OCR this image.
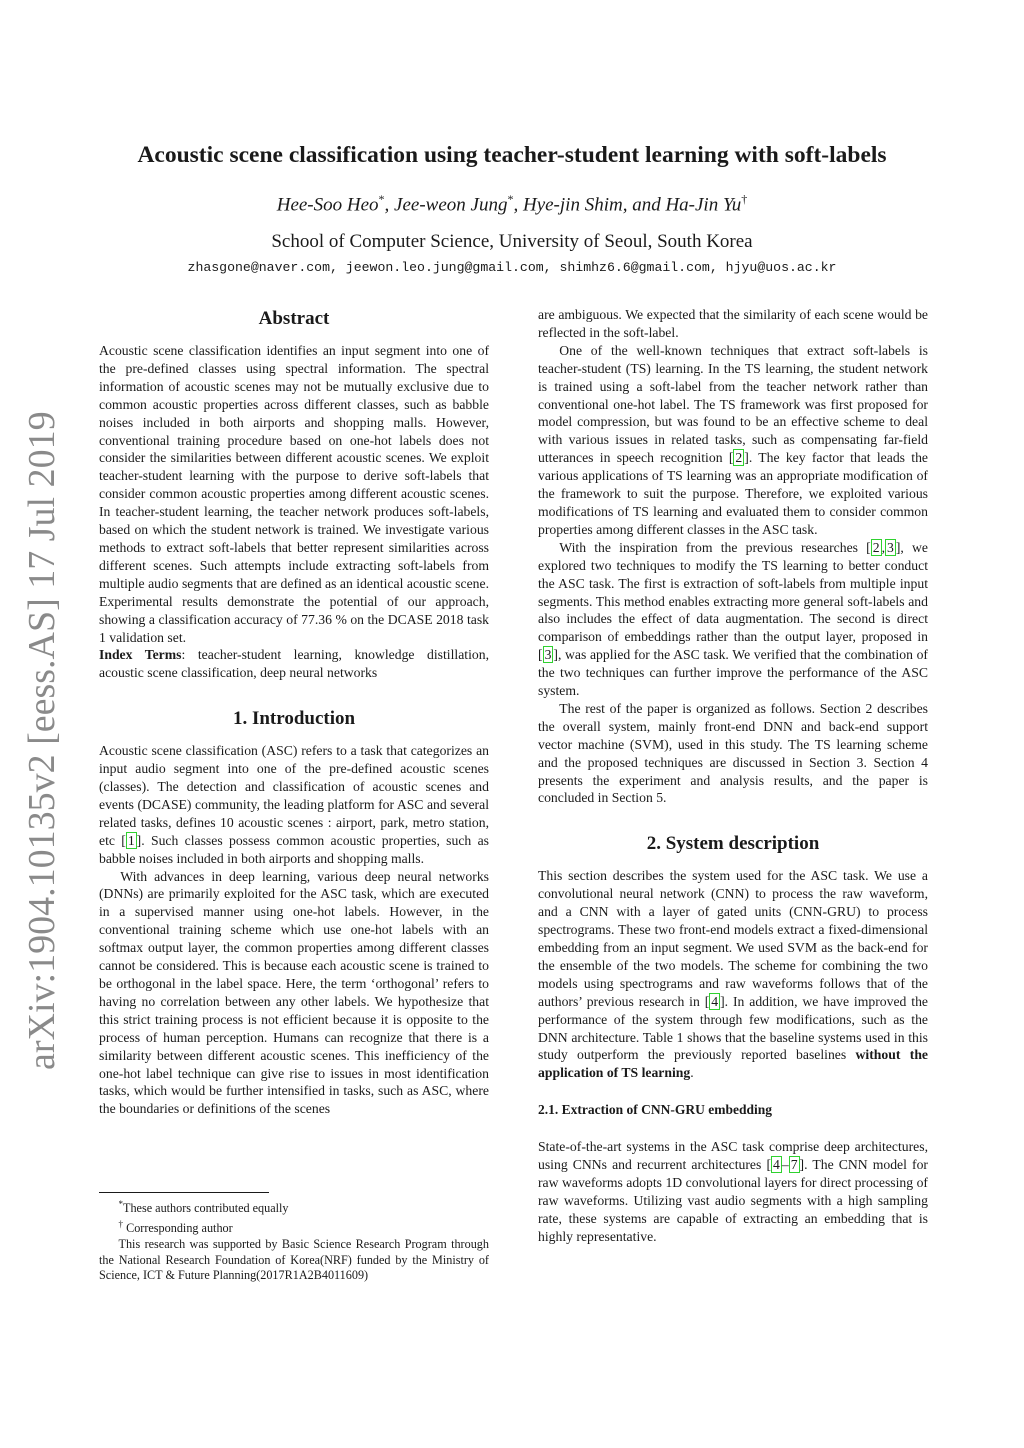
arXiv:1904.10135v2 [eess.AS] 17 Jul 2019
Acoustic scene classification using teacher-student learning with soft-labels
Hee-Soo Heo*, Jee-weon Jung*, Hye-jin Shim, and Ha-Jin Yu†
School of Computer Science, University of Seoul, South Korea
zhasgone@naver.com, jeewon.leo.jung@gmail.com, shimhz6.6@gmail.com, hjyu@uos.ac.kr
Abstract

Acoustic scene classification identifies an input segment into one of the pre-defined classes using spectral information. The spectral information of acoustic scenes may not be mutually exclusive due to common acoustic properties across different classes, such as babble noises included in both airports and shopping malls. However, conventional training procedure based on one-hot labels does not consider the similarities between different acoustic scenes. We exploit teacher-student learning with the purpose to derive soft-labels that consider common acoustic properties among different acoustic scenes. In teacher-student learning, the teacher network produces soft-labels, based on which the student network is trained. We investigate various methods to extract soft-labels that better represent similarities across different scenes. Such attempts include extracting soft-labels from multiple audio segments that are defined as an identical acoustic scene. Experimental results demonstrate the potential of our approach, showing a classification accuracy of 77.36 % on the DCASE 2018 task 1 validation set.

Index Terms: teacher-student learning, knowledge distillation, acoustic scene classification, deep neural networks

1. Introduction

Acoustic scene classification (ASC) refers to a task that categorizes an input audio segment into one of the pre-defined acoustic scenes (classes). The detection and classification of acoustic scenes and events (DCASE) community, the leading platform for ASC and several related tasks, defines 10 acoustic scenes : airport, park, metro station, etc [ 1 ]. Such classes possess common acoustic properties, such as babble noises included in both airports and shopping malls.

With advances in deep learning, various deep neural networks (DNNs) are primarily exploited for the ASC task, which are executed in a supervised manner using one-hot labels. However, in the conventional training scheme which use one-hot labels with an softmax output layer, the common properties among different classes cannot be considered. This is because each acoustic scene is trained to be orthogonal in the label space. Here, the term ‘orthogonal’ refers to having no correlation between any other labels. We hypothesize that this strict training process is not efficient because it is opposite to the process of human perception. Humans can recognize that there is a similarity between different acoustic scenes. This inefficiency of the one-hot label technique can give rise to issues in most identification tasks, which would be further intensified in tasks, such as ASC, where the boundaries or definitions of the scenes

are ambiguous. We expected that the similarity of each scene would be reflected in the soft-label.

One of the well-known techniques that extract soft-labels is teacher-student (TS) learning. In the TS learning, the student network is trained using a soft-label from the teacher network rather than conventional one-hot label. The TS framework was first proposed for model compression, but was found to be an effective scheme to deal with various issues in related tasks, such as compensating far-field utterances in speech recognition [ 2 ]. The key factor that leads the various applications of TS learning was an appropriate modification of the framework to suit the purpose. Therefore, we exploited various modifications of TS learning and evaluated them to consider common properties among different classes in the ASC task.

With the inspiration from the previous researches [ 2 , 3 ], we explored two techniques to modify the TS learning to better conduct the ASC task. The first is extraction of soft-labels from multiple input segments. This method enables extracting more general soft-labels and also includes the effect of data augmentation. The second is direct comparison of embeddings rather than the output layer, proposed in [ 3 ], was applied for the ASC task. We verified that the combination of the two techniques can further improve the performance of the ASC system.

The rest of the paper is organized as follows. Section 2 describes the overall system, mainly front-end DNN and back-end support vector machine (SVM), used in this study. The TS learning scheme and the proposed techniques are discussed in Section 3. Section 4 presents the experiment and analysis results, and the paper is concluded in Section 5.

2. System description

This section describes the system used for the ASC task. We use a convolutional neural network (CNN) to process the raw waveform, and a CNN with a layer of gated units (CNN-GRU) to process spectrograms. These two front-end models extract a fixed-dimensional embedding from an input segment. We used SVM as the back-end for the ensemble of the two models. The scheme for combining the two models using spectrograms and raw waveforms follows that of the authors’ previous research in [ 4 ]. In addition, we have improved the performance of the system through few modifications, such as the DNN architecture. Table 1 shows that the baseline systems used in this study outperform the previously reported baselines without the application of TS learning.

2.1. Extraction of CNN-GRU embedding

State-of-the-art systems in the ASC task comprise deep architectures, using CNNs and recurrent architectures [ 4 – 7 ]. The CNN model for raw waveforms adopts 1D convolutional layers for direct processing of raw waveforms. Utilizing vast audio segments with a high sampling rate, these systems are capable of extracting an embedding that is highly representative.

*These authors contributed equally
† Corresponding author
This research was supported by Basic Science Research Program through the National Research Foundation of Korea(NRF) funded by the Ministry of Science, ICT & Future Planning(2017R1A2B4011609)
